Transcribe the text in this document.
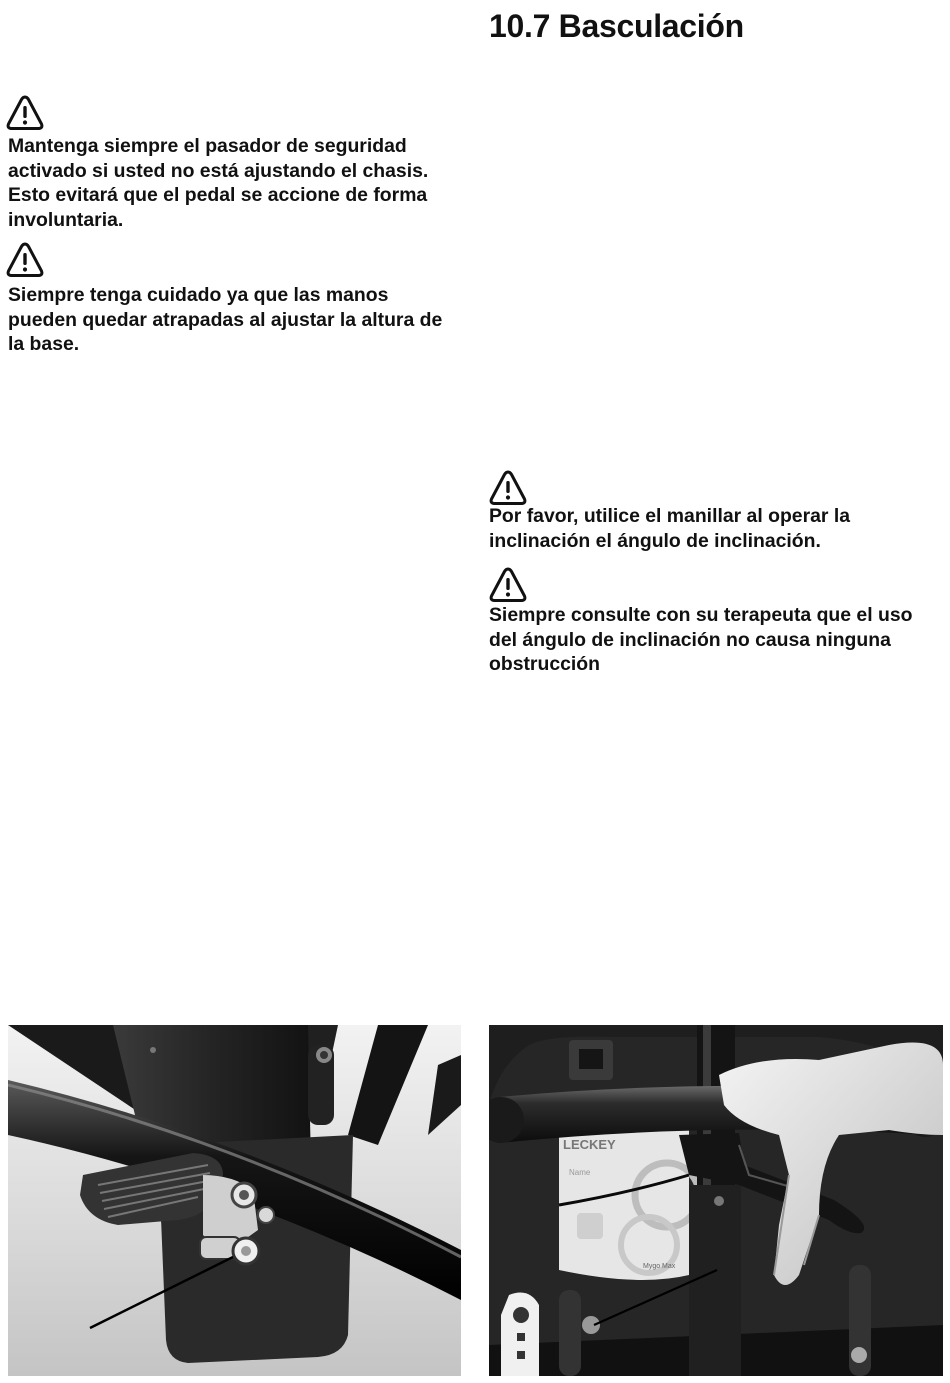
10.7 Basculación

Mantenga siempre el pasador de seguridad activado si usted no está ajustando el chasis. Esto evitará que el pedal se accione de forma involuntaria.

Siempre tenga cuidado ya que las manos pueden quedar atrapadas al ajustar la altura de la base.

Por favor, utilice el manillar al operar la inclinación el ángulo de inclinación.

Siempre consulte con su terapeuta que el uso del ángulo de inclinación no causa ninguna obstrucción

LECKEY
Name
Mygo Max
